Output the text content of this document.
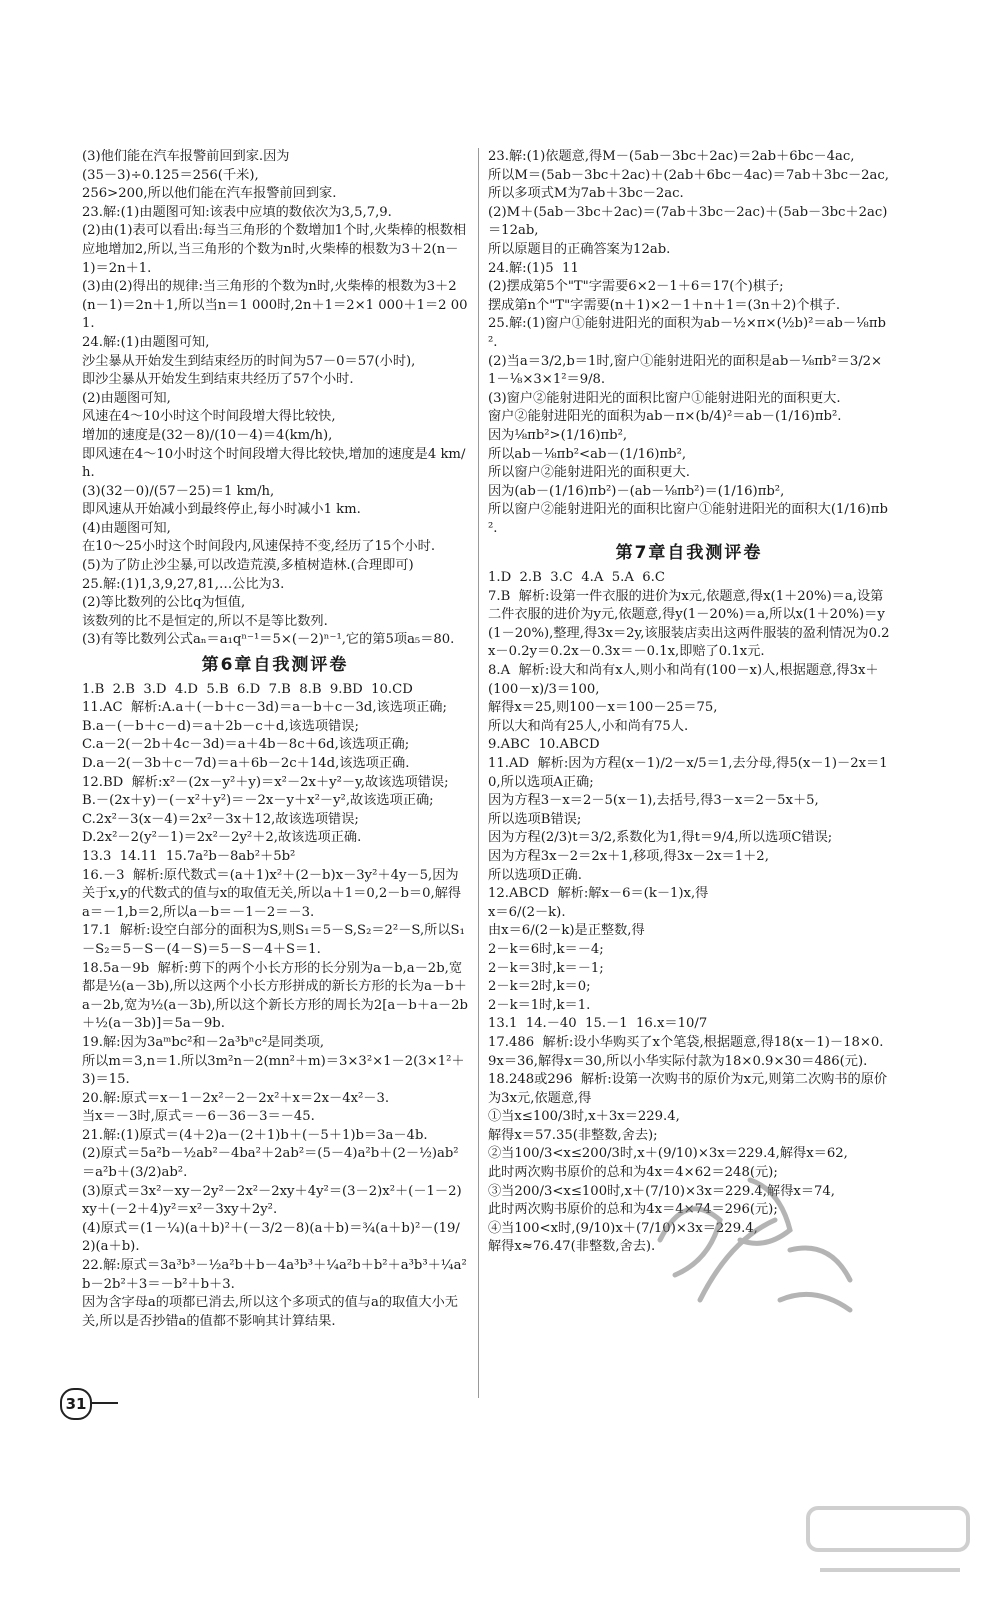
(3)他们能在汽车报警前回到家.因为

(35－3)÷0.125＝256(千米),

256>200,所以他们能在汽车报警前回到家.

23.解:(1)由题图可知:该表中应填的数依次为3,5,7,9.

(2)由(1)表可以看出:每当三角形的个数增加1个时,火柴棒的根数相应地增加2,所以,当三角形的个数为n时,火柴棒的根数为3＋2(n－1)＝2n＋1.

(3)由(2)得出的规律:当三角形的个数为n时,火柴棒的根数为3＋2(n－1)＝2n＋1,所以当n＝1 000时,2n＋1＝2×1 000＋1＝2 001.

24.解:(1)由题图可知,

沙尘暴从开始发生到结束经历的时间为57－0＝57(小时),

即沙尘暴从开始发生到结束共经历了57个小时.

(2)由题图可知,

风速在4～10小时这个时间段增大得比较快,

增加的速度是(32－8)/(10－4)＝4(km/h),

即风速在4～10小时这个时间段增大得比较快,增加的速度是4 km/h.

(3)(32－0)/(57－25)＝1 km/h,

即风速从开始减小到最终停止,每小时减小1 km.

(4)由题图可知,

在10～25小时这个时间段内,风速保持不变,经历了15个小时.

(5)为了防止沙尘暴,可以改造荒漠,多植树造林.(合理即可)

25.解:(1)1,3,9,27,81,…公比为3.

(2)等比数列的公比q为恒值,

该数列的比不是恒定的,所以不是等比数列.

(3)有等比数列公式aₙ＝a₁qⁿ⁻¹＝5×(－2)ⁿ⁻¹,它的第5项a₅＝80.

第6章自我测评卷

1.B  2.B  3.D  4.D  5.B  6.D  7.B  8.B  9.BD  10.CD

11.AC  解析:A.a＋(－b＋c－3d)＝a－b＋c－3d,该选项正确;

B.a－(－b＋c－d)＝a＋2b－c＋d,该选项错误;

C.a－2(－2b＋4c－3d)＝a＋4b－8c＋6d,该选项正确;

D.a－2(－3b＋c－7d)＝a＋6b－2c＋14d,该选项正确.

12.BD  解析:x²－(2x－y²＋y)＝x²－2x＋y²－y,故该选项错误;

B.－(2x＋y)－(－x²＋y²)＝－2x－y＋x²－y²,故该选项正确;

C.2x²－3(x－4)＝2x²－3x＋12,故该选项错误;

D.2x²－2(y²－1)＝2x²－2y²＋2,故该选项正确.

13.3  14.11  15.7a²b－8ab²＋5b²

16.－3  解析:原代数式＝(a＋1)x²＋(2－b)x－3y²＋4y－5,因为关于x,y的代数式的值与x的取值无关,所以a＋1＝0,2－b＝0,解得a＝－1,b＝2,所以a－b＝－1－2＝－3.

17.1  解析:设空白部分的面积为S,则S₁＝5－S,S₂＝2²－S,所以S₁－S₂＝5－S－(4－S)＝5－S－4＋S＝1.

18.5a－9b  解析:剪下的两个小长方形的长分别为a－b,a－2b,宽都是½(a－3b),所以这两个小长方形拼成的新长方形的长为a－b＋a－2b,宽为½(a－3b),所以这个新长方形的周长为2[a－b＋a－2b＋½(a－3b)]＝5a－9b.

19.解:因为3aᵐbc²和－2a³bⁿc²是同类项,

所以m＝3,n＝1.所以3m²n－2(mn²＋m)＝3×3²×1－2(3×1²＋3)＝15.

20.解:原式＝x－1－2x²－2－2x²＋x＝2x－4x²－3.

当x＝－3时,原式＝－6－36－3＝－45.

21.解:(1)原式＝(4＋2)a－(2＋1)b＋(－5＋1)b＝3a－4b.

(2)原式＝5a²b－½ab²－4ba²＋2ab²＝(5－4)a²b＋(2－½)ab²＝a²b＋(3/2)ab².

(3)原式＝3x²－xy－2y²－2x²－2xy＋4y²＝(3－2)x²＋(－1－2)xy＋(－2＋4)y²＝x²－3xy＋2y².

(4)原式＝(1－¼)(a＋b)²＋(－3/2－8)(a＋b)＝¾(a＋b)²－(19/2)(a＋b).

22.解:原式＝3a³b³－½a²b＋b－4a³b³＋¼a²b＋b²＋a³b³＋¼a²b－2b²＋3＝－b²＋b＋3.

因为含字母a的项都已消去,所以这个多项式的值与a的取值大小无关,所以是否抄错a的值都不影响其计算结果.

23.解:(1)依题意,得M－(5ab－3bc＋2ac)＝2ab＋6bc－4ac,

所以M＝(5ab－3bc＋2ac)＋(2ab＋6bc－4ac)＝7ab＋3bc－2ac,

所以多项式M为7ab＋3bc－2ac.

(2)M＋(5ab－3bc＋2ac)＝(7ab＋3bc－2ac)＋(5ab－3bc＋2ac)＝12ab,

所以原题目的正确答案为12ab.

24.解:(1)5  11

(2)摆成第5个"T"字需要6×2－1＋6＝17(个)棋子;

摆成第n个"T"字需要(n＋1)×2－1＋n＋1＝(3n＋2)个棋子.

25.解:(1)窗户①能射进阳光的面积为ab－½×π×(½b)²＝ab－⅛πb².

(2)当a＝3/2,b＝1时,窗户①能射进阳光的面积是ab－⅛πb²＝3/2×1－⅛×3×1²＝9/8.

(3)窗户②能射进阳光的面积比窗户①能射进阳光的面积更大.

窗户②能射进阳光的面积为ab－π×(b/4)²＝ab－(1/16)πb².

因为⅛πb²>(1/16)πb²,

所以ab－⅛πb²<ab－(1/16)πb²,

所以窗户②能射进阳光的面积更大.

因为(ab－(1/16)πb²)－(ab－⅛πb²)＝(1/16)πb²,

所以窗户②能射进阳光的面积比窗户①能射进阳光的面积大(1/16)πb².

第7章自我测评卷

1.D  2.B  3.C  4.A  5.A  6.C

7.B  解析:设第一件衣服的进价为x元,依题意,得x(1＋20%)＝a,设第二件衣服的进价为y元,依题意,得y(1－20%)＝a,所以x(1＋20%)＝y(1－20%),整理,得3x＝2y,该服装店卖出这两件服装的盈利情况为0.2x－0.2y＝0.2x－0.3x＝－0.1x,即赔了0.1x元.

8.A  解析:设大和尚有x人,则小和尚有(100－x)人,根据题意,得3x＋(100－x)/3＝100,

解得x＝25,则100－x＝100－25＝75,

所以大和尚有25人,小和尚有75人.

9.ABC  10.ABCD

11.AD  解析:因为方程(x－1)/2－x/5＝1,去分母,得5(x－1)－2x＝10,所以选项A正确;

因为方程3－x＝2－5(x－1),去括号,得3－x＝2－5x＋5,

所以选项B错误;

因为方程(2/3)t＝3/2,系数化为1,得t＝9/4,所以选项C错误;

因为方程3x－2＝2x＋1,移项,得3x－2x＝1＋2,

所以选项D正确.

12.ABCD  解析:解x－6＝(k－1)x,得

x＝6/(2－k).

由x＝6/(2－k)是正整数,得

2－k＝6时,k＝－4;

2－k＝3时,k＝－1;

2－k＝2时,k＝0;

2－k＝1时,k＝1.

13.1  14.－40  15.－1  16.x＝10/7

17.486  解析:设小华购买了x个笔袋,根据题意,得18(x－1)－18×0.9x＝36,解得x＝30,所以小华实际付款为18×0.9×30＝486(元).

18.248或296  解析:设第一次购书的原价为x元,则第二次购书的原价为3x元,依题意,得

①当x≤100/3时,x＋3x＝229.4,

解得x＝57.35(非整数,舍去);

②当100/3<x≤200/3时,x＋(9/10)×3x＝229.4,解得x＝62,

此时两次购书原价的总和为4x＝4×62＝248(元);

③当200/3<x≤100时,x＋(7/10)×3x＝229.4,解得x＝74,

此时两次购书原价的总和为4x＝4×74＝296(元);

④当100<x时,(9/10)x＋(7/10)×3x＝229.4,

解得x≈76.47(非整数,舍去).

31
